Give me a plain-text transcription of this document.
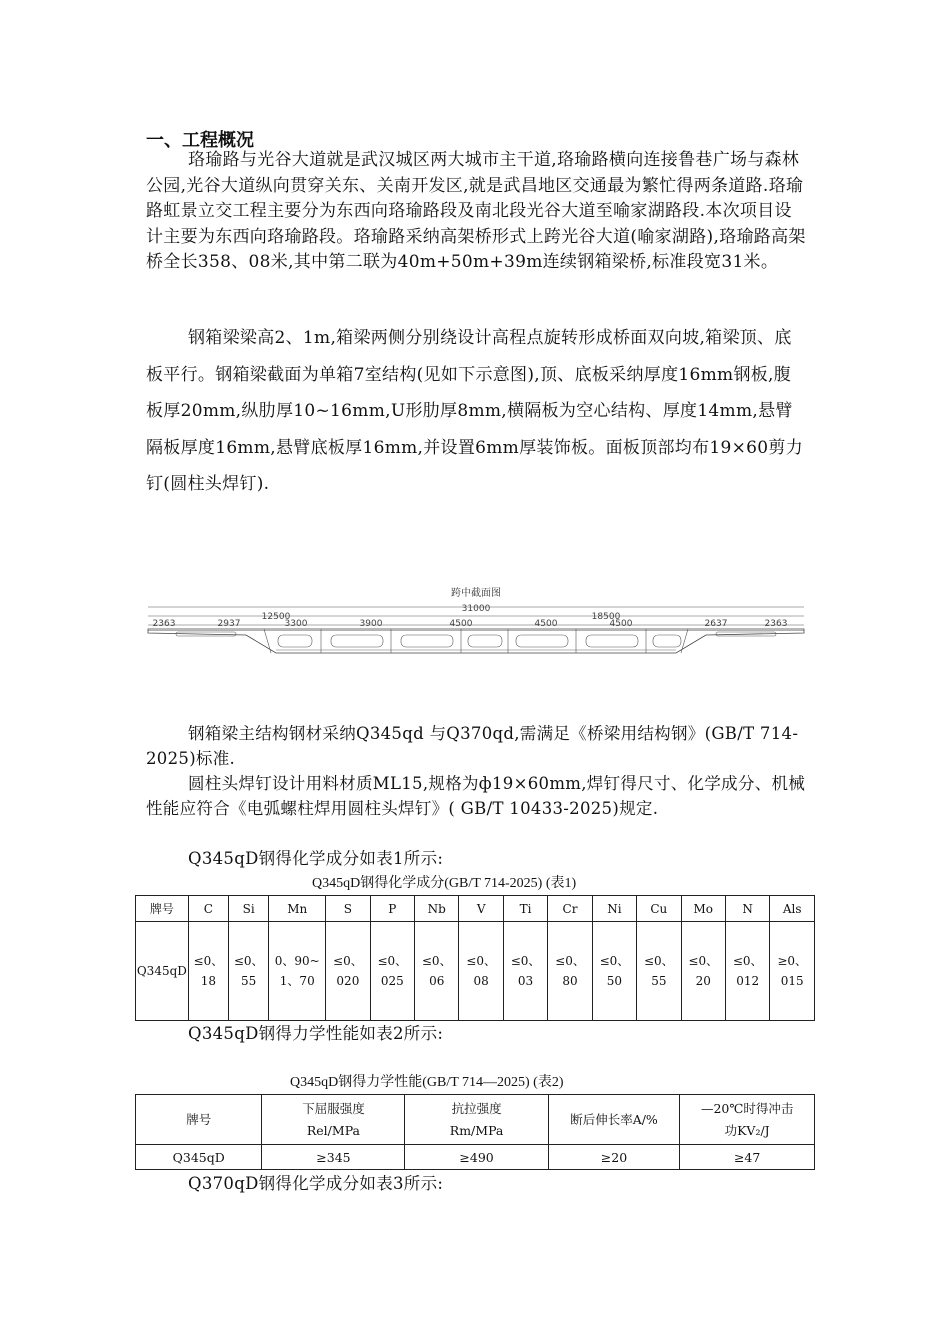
一、工程概况

珞瑜路与光谷大道就是武汉城区两大城市主干道,珞瑜路横向连接鲁巷广场与森林公园,光谷大道纵向贯穿关东、关南开发区,就是武昌地区交通最为繁忙得两条道路.珞瑜路虹景立交工程主要分为东西向珞瑜路段及南北段光谷大道至喻家湖路段.本次项目设计主要为东西向珞瑜路段。珞瑜路采纳高架桥形式上跨光谷大道(喻家湖路),珞瑜路高架桥全长358、08米,其中第二联为40m+50m+39m连续钢箱梁桥,标准段宽31米。

钢箱梁梁高2、1m,箱梁两侧分别绕设计高程点旋转形成桥面双向坡,箱梁顶、底板平行。钢箱梁截面为单箱7室结构(见如下示意图),顶、底板采纳厚度16mm钢板,腹板厚20mm,纵肋厚10~16mm,U形肋厚8mm,横隔板为空心结构、厚度14mm,悬臂隔板厚度16mm,悬臂底板厚16mm,并设置6mm厚装饰板。面板顶部均布19×60剪力钉(圆柱头焊钉).

跨中截面图
31000
12500	18500
2363	2937	3300	3900	4500	4500	4500	2637	2363

钢箱梁主结构钢材采纳Q345qd 与Q370qd,需满足《桥梁用结构钢》(GB/T 714-2025)标准.

圆柱头焊钉设计用料材质ML15,规格为ф19×60mm,焊钉得尺寸、化学成分、机械性能应符合《电弧螺柱焊用圆柱头焊钉》( GB/T 10433-2025)规定.

Q345qD钢得化学成分如表1所示:

Q345qD钢得化学成分(GB/T 714-2025) (表1)
牌号	C	Si	Mn	S	P	Nb	V	Ti	Cr	Ni	Cu	Mo	N	Als
Q345qD	≤0、18	≤0、55	0、90~1、70	≤0、020	≤0、025	≤0、06	≤0、08	≤0、03	≤0、80	≤0、50	≤0、55	≤0、20	≤0、012	≥0、015

Q345qD钢得力学性能如表2所示:

Q345qD钢得力学性能(GB/T 714—2025) (表2)
牌号	下屈服强度Rel/MPa	抗拉强度Rm/MPa	断后伸长率A/%	—20℃时得冲击功KV₂/J
Q345qD	≥345	≥490	≥20	≥47

Q370qD钢得化学成分如表3所示:
